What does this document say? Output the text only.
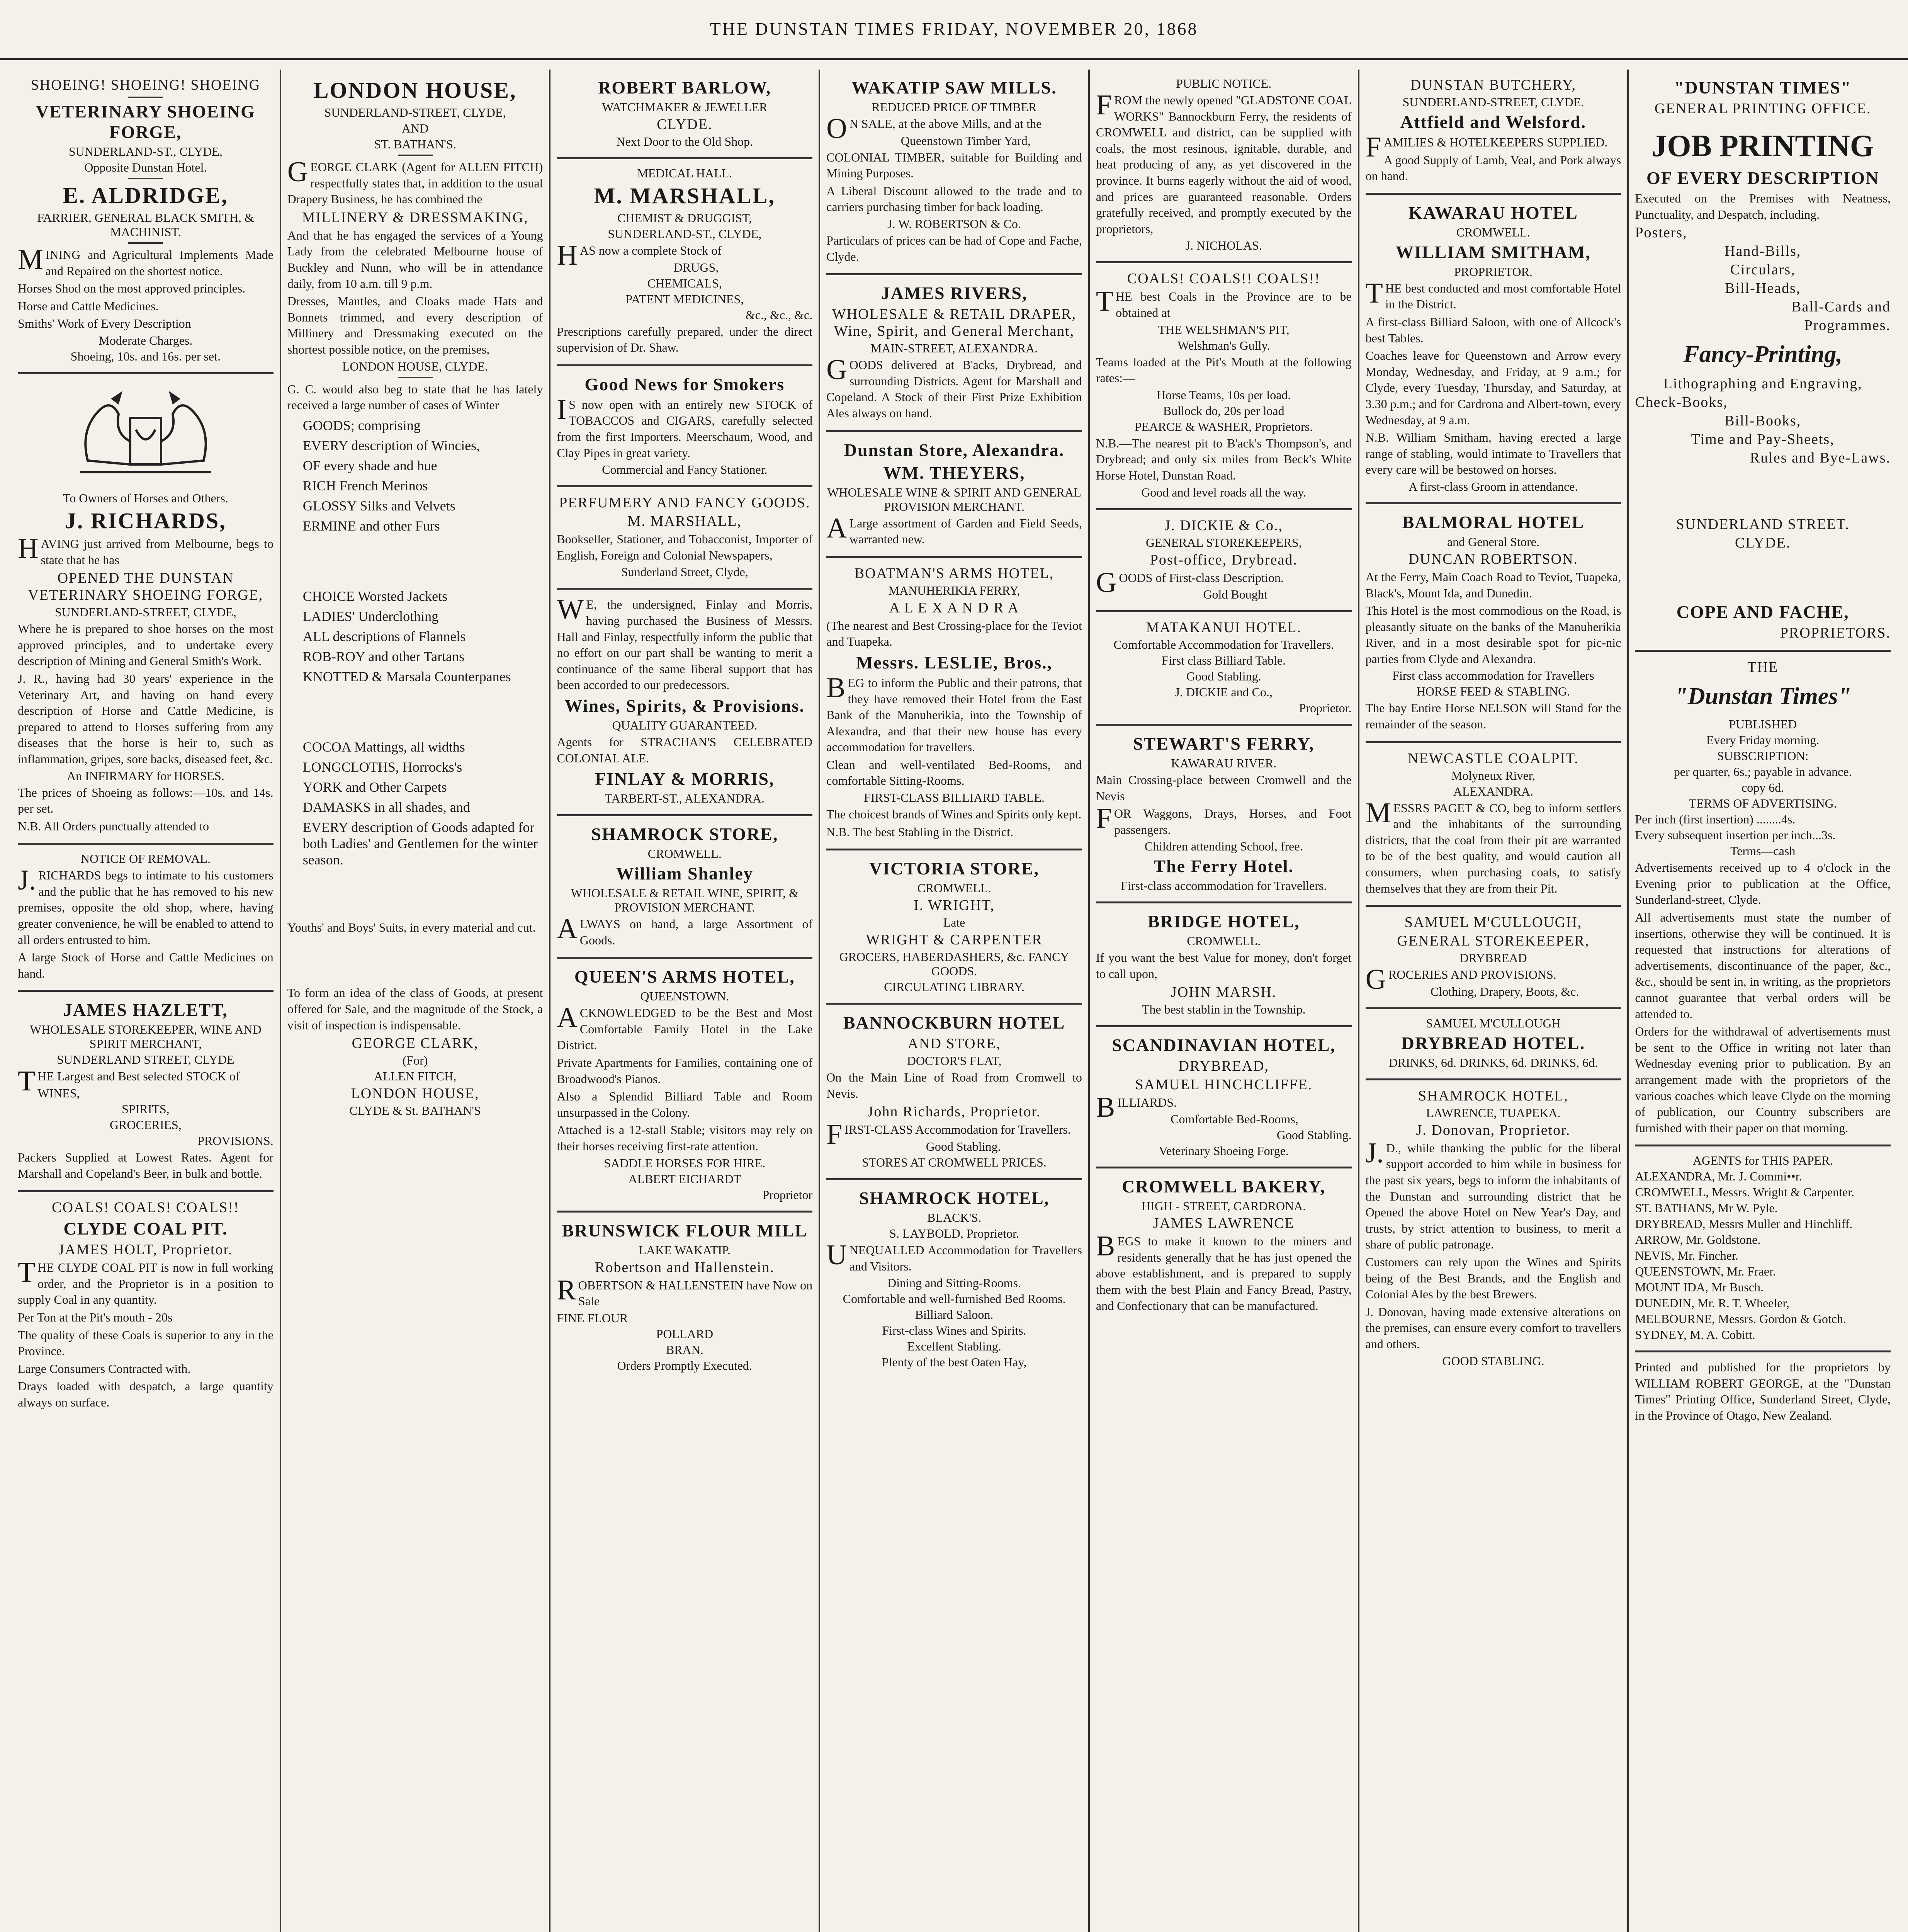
THE DUNSTAN TIMES FRIDAY, NOVEMBER 20, 1868
SHOEING! SHOEING! SHOEING
VETERINARY SHOEING FORGE,
SUNDERLAND-ST., CLYDE,
Opposite Dunstan Hotel.
E. ALDRIDGE,
FARRIER, GENERAL BLACK SMITH, & MACHINIST.
MINING and Agricultural Implements Made and Repaired on the shortest notice.
Horses Shod on the most approved principles.
Horse and Cattle Medicines.
Smiths' Work of Every Description
Moderate Charges.
Shoeing, 10s. and 16s. per set.
To Owners of Horses and Others.
J. RICHARDS,
HAVING just arrived from Melbourne, begs to state that he has
OPENED THE DUNSTAN VETERINARY SHOEING FORGE,
SUNDERLAND-STREET, CLYDE,
Where he is prepared to shoe horses on the most approved principles, and to undertake every description of Mining and General Smith's Work.
J. R., having had 30 years' experience in the Veterinary Art, and having on hand every description of Horse and Cattle Medicine, is prepared to attend to Horses suffering from any diseases that the horse is heir to, such as inflammation, gripes, sore backs, diseased feet, &c.
An INFIRMARY for HORSES.
The prices of Shoeing as follows:—10s. and 14s. per set.
N.B. All Orders punctually attended to
NOTICE OF REMOVAL.
J.RICHARDS begs to intimate to his customers and the public that he has removed to his new premises, opposite the old shop, where, having greater convenience, he will be enabled to attend to all orders entrusted to him.
A large Stock of Horse and Cattle Medicines on hand.
JAMES HAZLETT,
WHOLESALE STOREKEEPER, WINE AND SPIRIT MERCHANT,
SUNDERLAND STREET, CLYDE
THE Largest and Best selected STOCK of
WINES,
SPIRITS,
GROCERIES,
PROVISIONS.
Packers Supplied at Lowest Rates. Agent for Marshall and Copeland's Beer, in bulk and bottle.
COALS! COALS! COALS!!
CLYDE COAL PIT.
JAMES HOLT, Proprietor.
THE CLYDE COAL PIT is now in full working order, and the Proprietor is in a position to supply Coal in any quantity.
Per Ton at the Pit's mouth - 20s
The quality of these Coals is superior to any in the Province.
Large Consumers Contracted with.
Drays loaded with despatch, a large quantity always on surface.
LONDON HOUSE,
SUNDERLAND-STREET, CLYDE,
AND
ST. BATHAN'S.
GEORGE CLARK (Agent for ALLEN FITCH) respectfully states that, in addition to the usual Drapery Business, he has combined the
MILLINERY & DRESSMAKING,
And that he has engaged the services of a Young Lady from the celebrated Melbourne house of Buckley and Nunn, who will be in attendance daily, from 10 a.m. till 9 p.m.
Dresses, Mantles, and Cloaks made Hats and Bonnets trimmed, and every description of Millinery and Dressmaking executed on the shortest possible notice, on the premises,
LONDON HOUSE, CLYDE.
G. C. would also beg to state that he has lately received a large number of cases of Winter
GOODS; comprising
EVERY description of Wincies,
OF every shade and hue
RICH French Merinos
GLOSSY Silks and Velvets
ERMINE and other Furs
CHOICE Worsted Jackets
LADIES' Underclothing
ALL descriptions of Flannels
ROB-ROY and other Tartans
KNOTTED & Marsala Counterpanes
COCOA Mattings, all widths
LONGCLOTHS, Horrocks's
YORK and Other Carpets
DAMASKS in all shades, and
EVERY description of Goods adapted for both Ladies' and Gentlemen for the winter season.
Youths' and Boys' Suits, in every material and cut.
To form an idea of the class of Goods, at present offered for Sale, and the magnitude of the Stock, a visit of inspection is indispensable.
GEORGE CLARK,
(For)
ALLEN FITCH,
LONDON HOUSE,
CLYDE & St. BATHAN'S
ROBERT BARLOW,
WATCHMAKER & JEWELLER
CLYDE.
Next Door to the Old Shop.
MEDICAL HALL.
M. MARSHALL,
CHEMIST & DRUGGIST,
SUNDERLAND-ST., CLYDE,
HAS now a complete Stock of
DRUGS,
CHEMICALS,
PATENT MEDICINES,
&c., &c., &c.
Prescriptions carefully prepared, under the direct supervision of Dr. Shaw.
Good News for Smokers
IS now open with an entirely new STOCK of TOBACCOS and CIGARS, carefully selected from the first Importers. Meerschaum, Wood, and Clay Pipes in great variety.
Commercial and Fancy Stationer.
PERFUMERY AND FANCY GOODS.
M. MARSHALL,
Bookseller, Stationer, and Tobacconist, Importer of English, Foreign and Colonial Newspapers,
Sunderland Street, Clyde,
WE, the undersigned, Finlay and Morris, having purchased the Business of Messrs. Hall and Finlay, respectfully inform the public that no effort on our part shall be wanting to merit a continuance of the same liberal support that has been accorded to our predecessors.
Wines, Spirits, & Provisions.
QUALITY GUARANTEED.
Agents for STRACHAN'S CELEBRATED COLONIAL ALE.
FINLAY & MORRIS,
TARBERT-ST., ALEXANDRA.
SHAMROCK STORE,
CROMWELL.
William Shanley
WHOLESALE & RETAIL WINE, SPIRIT, & PROVISION MERCHANT.
ALWAYS on hand, a large Assortment of Goods.
QUEEN'S ARMS HOTEL,
QUEENSTOWN.
ACKNOWLEDGED to be the Best and Most Comfortable Family Hotel in the Lake District.
Private Apartments for Families, containing one of Broadwood's Pianos.
Also a Splendid Billiard Table and Room unsurpassed in the Colony.
Attached is a 12-stall Stable; visitors may rely on their horses receiving first-rate attention.
SADDLE HORSES FOR HIRE.
ALBERT EICHARDT
Proprietor
BRUNSWICK FLOUR MILL
LAKE WAKATIP.
Robertson and Hallenstein.
ROBERTSON & HALLENSTEIN have Now on Sale
FINE FLOUR
POLLARD
BRAN.
Orders Promptly Executed.
WAKATIP SAW MILLS.
REDUCED PRICE OF TIMBER
ON SALE, at the above Mills, and at the
Queenstown Timber Yard,
COLONIAL TIMBER, suitable for Building and Mining Purposes.
A Liberal Discount allowed to the trade and to carriers purchasing timber for back loading.
J. W. ROBERTSON & Co.
Particulars of prices can be had of Cope and Fache, Clyde.
JAMES RIVERS,
WHOLESALE & RETAIL DRAPER, Wine, Spirit, and General Merchant,
MAIN-STREET, ALEXANDRA.
GOODS delivered at B'acks, Drybread, and surrounding Districts. Agent for Marshall and Copeland. A Stock of their First Prize Exhibition Ales always on hand.
Dunstan Store, Alexandra.
WM. THEYERS,
WHOLESALE WINE & SPIRIT AND GENERAL PROVISION MERCHANT.
ALarge assortment of Garden and Field Seeds, warranted new.
BOATMAN'S ARMS HOTEL,
MANUHERIKIA FERRY,
A L E X A N D R A
(The nearest and Best Crossing-place for the Teviot and Tuapeka.
Messrs. LESLIE, Bros.,
BEG to inform the Public and their patrons, that they have removed their Hotel from the East Bank of the Manuherikia, into the Township of Alexandra, and that their new house has every accommodation for travellers.
Clean and well-ventilated Bed-Rooms, and comfortable Sitting-Rooms.
FIRST-CLASS BILLIARD TABLE.
The choicest brands of Wines and Spirits only kept.
N.B. The best Stabling in the District.
VICTORIA STORE,
CROMWELL.
I. WRIGHT,
Late
WRIGHT & CARPENTER
GROCERS, HABERDASHERS, &c. FANCY GOODS.
CIRCULATING LIBRARY.
BANNOCKBURN HOTEL
AND STORE,
DOCTOR'S FLAT,
On the Main Line of Road from Cromwell to Nevis.
John Richards, Proprietor.
FIRST-CLASS Accommodation for Travellers.
Good Stabling.
STORES AT CROMWELL PRICES.
SHAMROCK HOTEL,
BLACK'S.
S. LAYBOLD, Proprietor.
UNEQUALLED Accommodation for Travellers and Visitors.
Dining and Sitting-Rooms.
Comfortable and well-furnished Bed Rooms.
Billiard Saloon.
First-class Wines and Spirits.
Excellent Stabling.
Plenty of the best Oaten Hay,
PUBLIC NOTICE.
FROM the newly opened "GLADSTONE COAL WORKS" Bannockburn Ferry, the residents of CROMWELL and district, can be supplied with coals, the most resinous, ignitable, durable, and heat producing of any, as yet discovered in the province. It burns eagerly without the aid of wood, and prices are guaranteed reasonable. Orders gratefully received, and promptly executed by the proprietors,
J. NICHOLAS.
COALS! COALS!! COALS!!
THE best Coals in the Province are to be obtained at
THE WELSHMAN'S PIT,
Welshman's Gully.
Teams loaded at the Pit's Mouth at the following rates:—
Horse Teams, 10s per load.
Bullock do, 20s per load
PEARCE & WASHER, Proprietors.
N.B.—The nearest pit to B'ack's Thompson's, and Drybread; and only six miles from Beck's White Horse Hotel, Dunstan Road.
Good and level roads all the way.
J. DICKIE & Co.,
GENERAL STOREKEEPERS,
Post-office, Drybread.
GOODS of First-class Description.
Gold Bought
MATAKANUI HOTEL.
Comfortable Accommodation for Travellers.
First class Billiard Table.
Good Stabling.
J. DICKIE and Co.,
Proprietor.
STEWART'S FERRY,
KAWARAU RIVER.
Main Crossing-place between Cromwell and the Nevis
FOR Waggons, Drays, Horses, and Foot passengers.
Children attending School, free.
The Ferry Hotel.
First-class accommodation for Travellers.
BRIDGE HOTEL,
CROMWELL.
If you want the best Value for money, don't forget to call upon,
JOHN MARSH.
The best stablin in the Township.
SCANDINAVIAN HOTEL,
DRYBREAD,
SAMUEL HINCHCLIFFE.
BILLIARDS.
Comfortable Bed-Rooms,
Good Stabling.
Veterinary Shoeing Forge.
CROMWELL BAKERY,
HIGH - STREET, CARDRONA.
JAMES LAWRENCE
BEGS to make it known to the miners and residents generally that he has just opened the above establishment, and is prepared to supply them with the best Plain and Fancy Bread, Pastry, and Confectionary that can be manufactured.
DUNSTAN BUTCHERY,
SUNDERLAND-STREET, CLYDE.
Attfield and Welsford.
FAMILIES & HOTELKEEPERS SUPPLIED.
A good Supply of Lamb, Veal, and Pork always on hand.
KAWARAU HOTEL
CROMWELL.
WILLIAM SMITHAM,
PROPRIETOR.
THE best conducted and most comfortable Hotel in the District.
A first-class Billiard Saloon, with one of Allcock's best Tables.
Coaches leave for Queenstown and Arrow every Monday, Wednesday, and Friday, at 9 a.m.; for Clyde, every Tuesday, Thursday, and Saturday, at 3.30 p.m.; and for Cardrona and Albert-town, every Wednesday, at 9 a.m.
N.B. William Smitham, having erected a large range of stabling, would intimate to Travellers that every care will be bestowed on horses.
A first-class Groom in attendance.
BALMORAL HOTEL
and General Store.
DUNCAN ROBERTSON.
At the Ferry, Main Coach Road to Teviot, Tuapeka, Black's, Mount Ida, and Dunedin.
This Hotel is the most commodious on the Road, is pleasantly situate on the banks of the Manuherikia River, and in a most desirable spot for pic-nic parties from Clyde and Alexandra.
First class accommodation for Travellers
HORSE FEED & STABLING.
The bay Entire Horse NELSON will Stand for the remainder of the season.
NEWCASTLE COALPIT.
Molyneux River,
ALEXANDRA.
MESSRS PAGET & CO, beg to inform settlers and the inhabitants of the surrounding districts, that the coal from their pit are warranted to be of the best quality, and would caution all consumers, when purchasing coals, to satisfy themselves that they are from their Pit.
SAMUEL M'CULLOUGH,
GENERAL STOREKEEPER,
DRYBREAD
GROCERIES AND PROVISIONS.
Clothing, Drapery, Boots, &c.
SAMUEL M'CULLOUGH
DRYBREAD HOTEL.
DRINKS, 6d. DRINKS, 6d. DRINKS, 6d.
SHAMROCK HOTEL,
LAWRENCE, TUAPEKA.
J. Donovan, Proprietor.
J.D., while thanking the public for the liberal support accorded to him while in business for the past six years, begs to inform the inhabitants of the Dunstan and surrounding district that he Opened the above Hotel on New Year's Day, and trusts, by strict attention to business, to merit a share of public patronage.
Customers can rely upon the Wines and Spirits being of the Best Brands, and the English and Colonial Ales by the best Brewers.
J. Donovan, having made extensive alterations on the premises, can ensure every comfort to travellers and others.
GOOD STABLING.
"DUNSTAN TIMES"
GENERAL PRINTING OFFICE.
JOB PRINTING
OF EVERY DESCRIPTION
Executed on the Premises with Neatness, Punctuality, and Despatch, including.
Posters,
Hand-Bills,
Circulars,
Bill-Heads,
Ball-Cards and
Programmes.
Fancy-Printing,
Lithographing and Engraving,
Check-Books,
Bill-Books,
Time and Pay-Sheets,
Rules and Bye-Laws.
SUNDERLAND STREET.
CLYDE.
COPE AND FACHE,
PROPRIETORS.
THE
"Dunstan Times"
PUBLISHED
Every Friday morning.
SUBSCRIPTION:
per quarter, 6s.; payable in advance.
copy 6d.
TERMS OF ADVERTISING.
Per inch (first insertion) ........4s.
Every subsequent insertion per inch...3s.
Terms—cash
Advertisements received up to 4 o'clock in the Evening prior to publication at the Office, Sunderland-street, Clyde.
All advertisements must state the number of insertions, otherwise they will be continued. It is requested that instructions for alterations of advertisements, discontinuance of the paper, &c., &c., should be sent in, in writing, as the proprietors cannot guarantee that verbal orders will be attended to.
Orders for the withdrawal of advertisements must be sent to the Office in writing not later than Wednesday evening prior to publication. By an arrangement made with the proprietors of the various coaches which leave Clyde on the morning of publication, our Country subscribers are furnished with their paper on that morning.
AGENTS for THIS PAPER.
ALEXANDRA, Mr. J. Commi••r.
CROMWELL, Messrs. Wright & Carpenter.
ST. BATHANS, Mr W. Pyle.
DRYBREAD, Messrs Muller and Hinchliff.
ARROW, Mr. Goldstone.
NEVIS, Mr. Fincher.
QUEENSTOWN, Mr. Fraer.
MOUNT IDA, Mr Busch.
DUNEDIN, Mr. R. T. Wheeler,
MELBOURNE, Messrs. Gordon & Gotch.
SYDNEY, M. A. Cobitt.
Printed and published for the proprietors by WILLIAM ROBERT GEORGE, at the "Dunstan Times" Printing Office, Sunderland Street, Clyde, in the Province of Otago, New Zealand.
